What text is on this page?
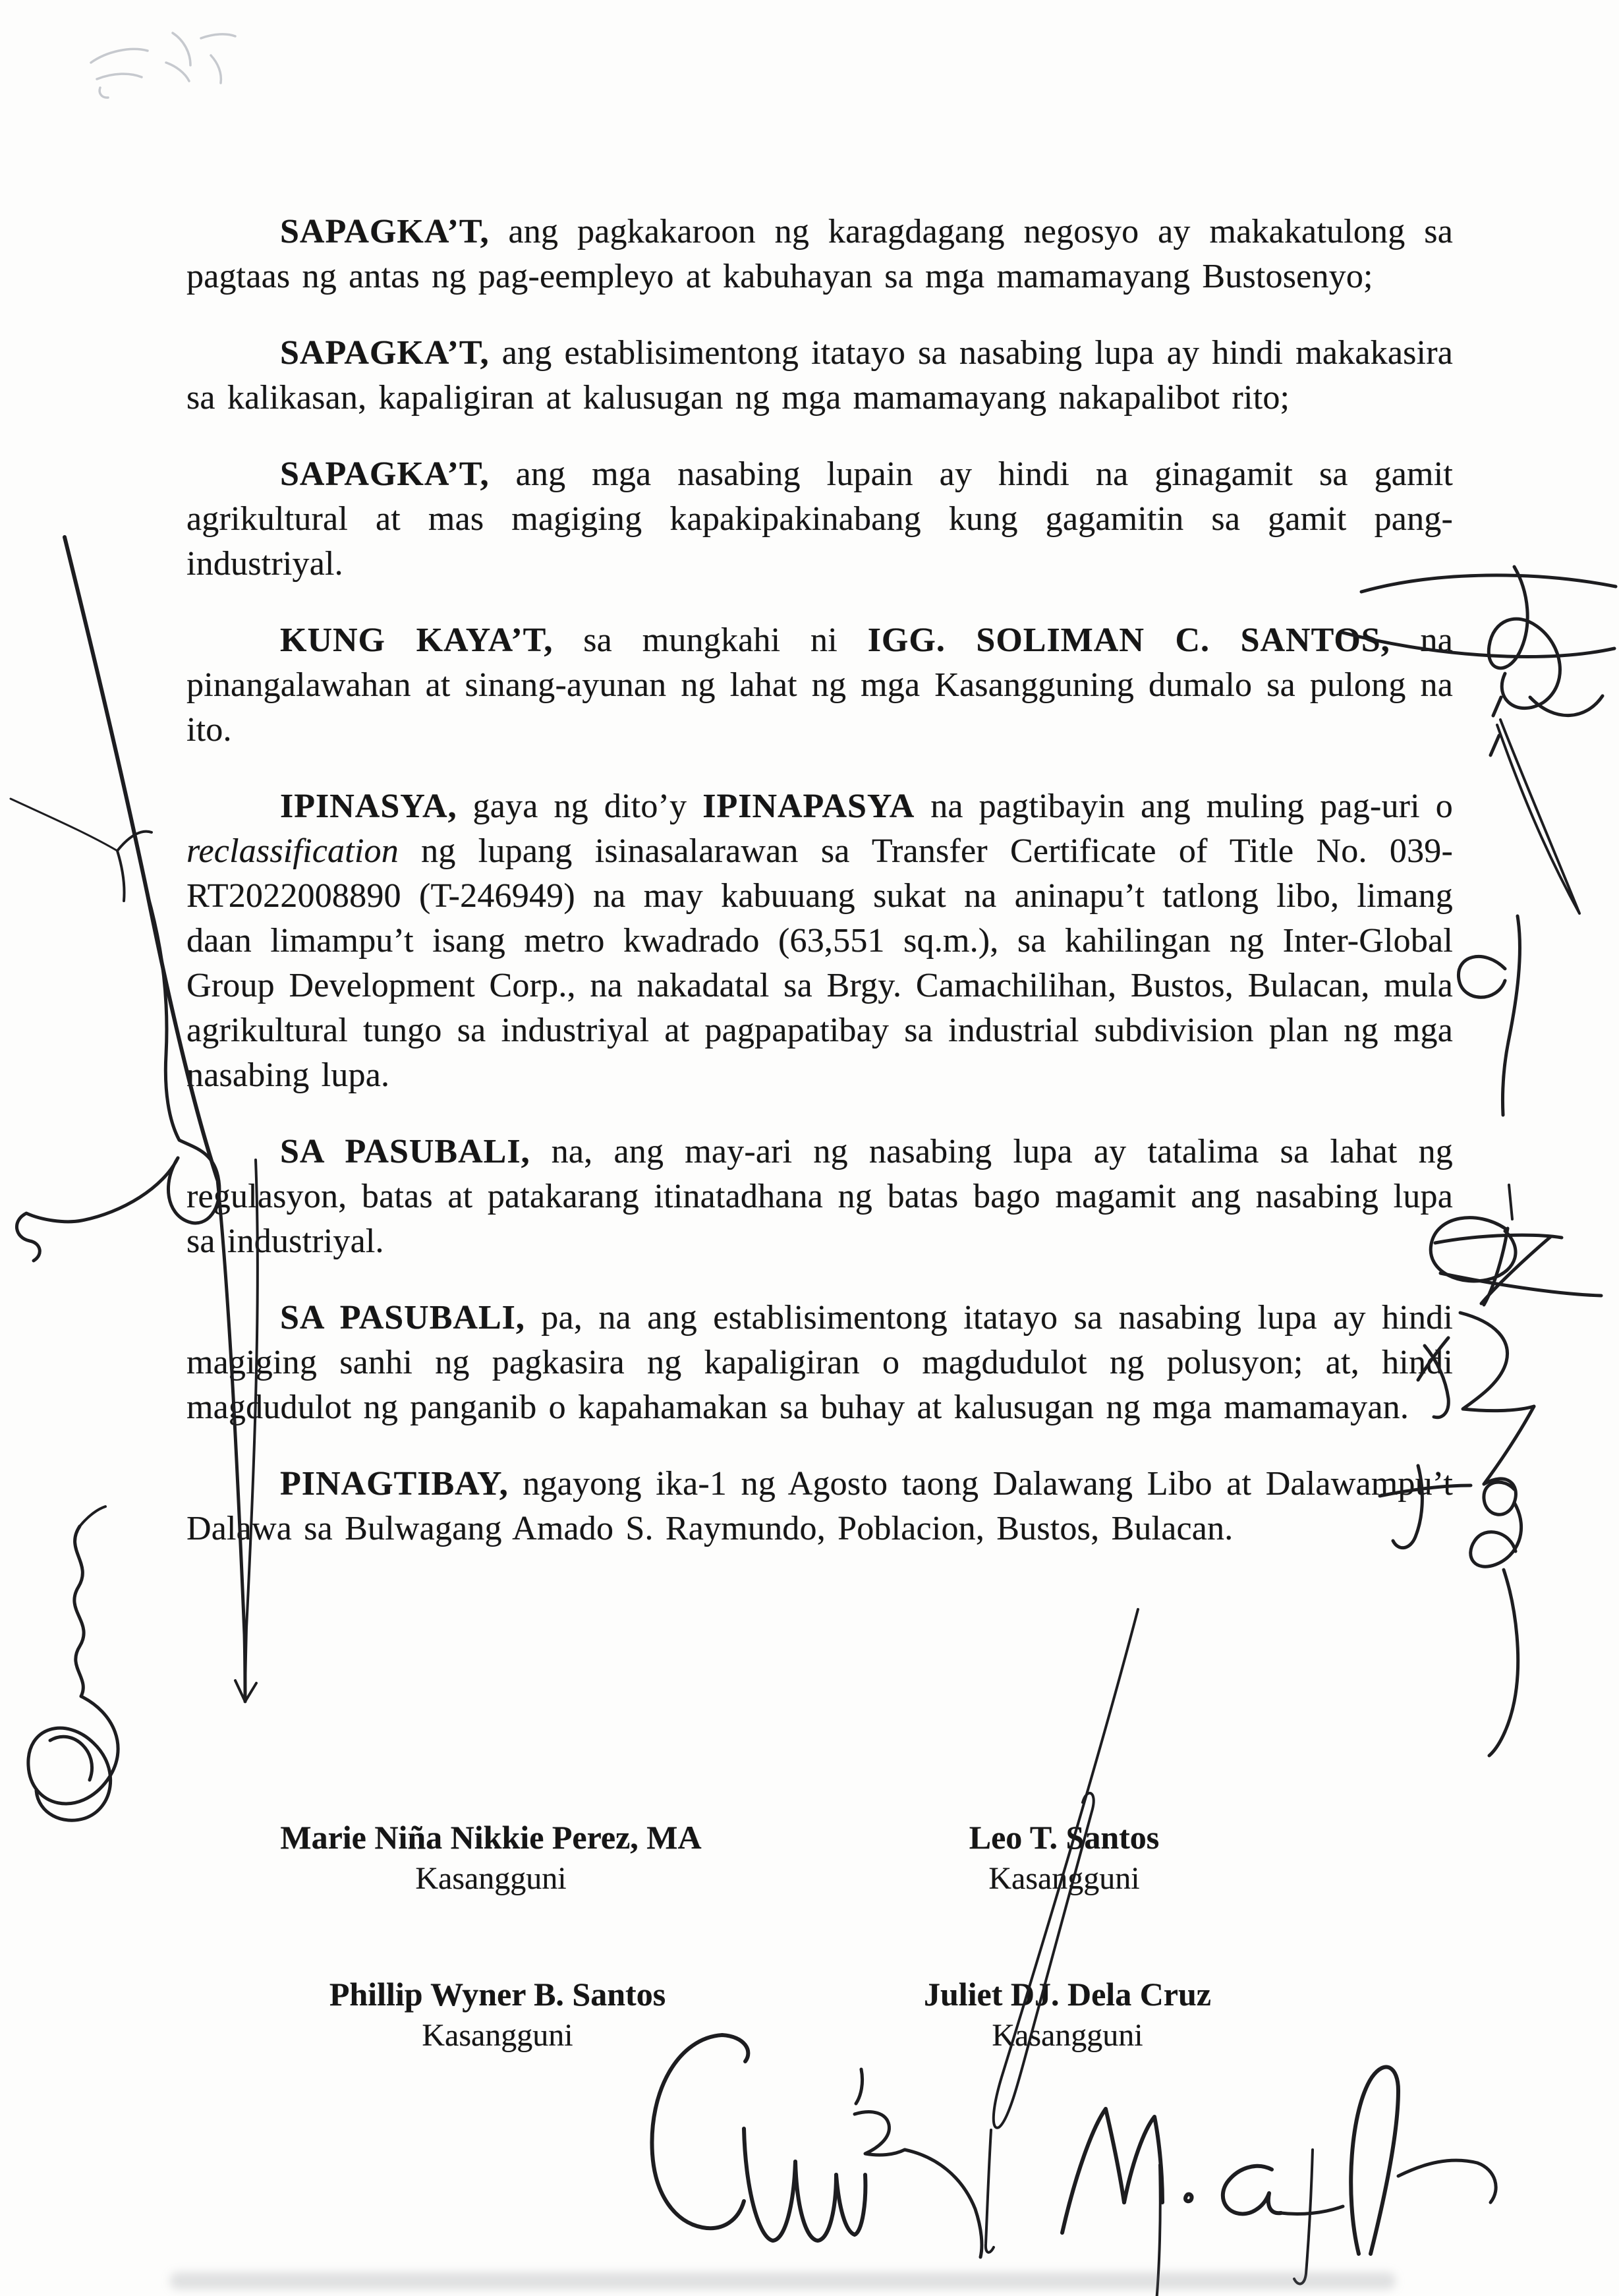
SAPAGKA’T, ang pagkakaroon ng karagdagang negosyo ay makakatulong sa pagtaas ng antas ng pag-eempleyo at kabuhayan sa mga mamamayang Bustosenyo;

SAPAGKA’T, ang establisimentong itatayo sa nasabing lupa ay hindi makakasira sa kalikasan, kapaligiran at kalusugan ng mga mamamayang nakapalibot rito;

SAPAGKA’T, ang mga nasabing lupain ay hindi na ginagamit sa gamit agrikultural at mas magiging kapakipakinabang kung gagamitin sa gamit pang-industriyal.

KUNG KAYA’T, sa mungkahi ni IGG. SOLIMAN C. SANTOS, na pinangalawahan at sinang-ayunan ng lahat ng mga Kasangguning dumalo sa pulong na ito.

IPINASYA, gaya ng dito’y IPINAPASYA na pagtibayin ang muling pag-uri o reclassification ng lupang isinasalarawan sa Transfer Certificate of Title No. 039-RT2022008890 (T-246949) na may kabuuang sukat na aninapu’t tatlong libo, limang daan limampu’t isang metro kwadrado (63,551 sq.m.), sa kahilingan ng Inter-Global Group Development Corp., na nakadatal sa Brgy. Camachilihan, Bustos, Bulacan, mula agrikultural tungo sa industriyal at pagpapatibay sa industrial subdivision plan ng mga nasabing lupa.

SA PASUBALI, na, ang may-ari ng nasabing lupa ay tatalima sa lahat ng regulasyon, batas at patakarang itinatadhana ng batas bago magamit ang nasabing lupa sa industriyal.

SA PASUBALI, pa, na ang establisimentong itatayo sa nasabing lupa ay hindi magiging sanhi ng pagkasira ng kapaligiran o magdudulot ng polusyon; at, hindi magdudulot ng panganib o kapahamakan sa buhay at kalusugan ng mga mamamayan.

PINAGTIBAY, ngayong ika-1 ng Agosto taong Dalawang Libo at Dalawampu’t Dalawa sa Bulwagang Amado S. Raymundo, Poblacion, Bustos, Bulacan.

Marie Niña Nikkie Perez, MA
Kasangguni
Leo T. Santos
Kasangguni
Phillip Wyner B. Santos
Kasangguni
Juliet DJ. Dela Cruz
Kasangguni
